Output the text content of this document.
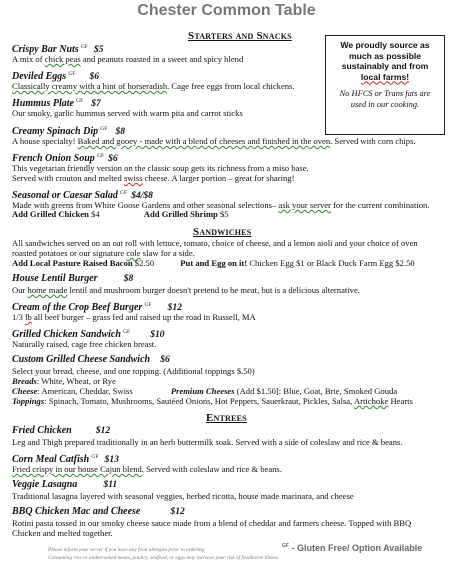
Chester Common Table
Starters and Snacks
Crispy Bar Nuts $^{GF}$ $5
A mix of chick peas and peanuts roasted in a sweet and spicy blend
Deviled Eggs $^{GF}$ $6
Classically creamy with a hint of horseradish. Cage free eggs from local chickens.
Hummus Plate $^{GF}$ $7
Our smoky, garlic hummus served with warm pita and carrot sticks
Creamy Spinach Dip $^{GF}$ $8
A house specialty! Baked and gooey - made with a blend of cheeses and finished in the oven. Served with corn chips.
French Onion Soup $^{GF}$ $6
This vegetarian friendly version on the classic soup gets its richness from a miso base.
Served with crouton and melted swiss cheese. A larger portion – great for sharing!
Seasonal or Caesar Salad $^{GF}$ $4/$8
Made with greens from White Goose Gardens and other seasonal selections– ask your server for the current combination.
Add Grilled Chicken $4	Add Grilled Shrimp $5
We proudly source as
much as possible
sustainably and from
local farms!
No HFCS or Trans fats are
used in our cooking.
Sandwiches
All sandwiches served on an oat roll with lettuce, tomato, choice of cheese, and a lemon aioli and your choice of oven
roasted potatoes or our signature cole slaw for a side.
Add Local Pasture Raised Bacon $2.50	Put and Egg on it! Chicken Egg $1 or Black Duck Farm Egg $2.50
House Lentil Burger	$8
Our home made lentil and mushroom burger doesn't pretend to be meat, but is a delicious alternative.
Cream of the Crop Beef Burger $^{GF}$ $12
1/3 lb all beef burger – grass fed and raised up the road in Russell, MA
Grilled Chicken Sandwich $^{GF}$ $10
Naturally raised, cage free chicken breast.
Custom Grilled Cheese Sandwich $6
Select your bread, cheese, and one topping. (Additional toppings $.50)
Breads: White, Wheat, or Rye
Cheese: American, Cheddar, Swiss	Premium Cheeses (Add $1.50]: Blue, Goat, Brie, Smoked Gouda
Toppings: Spinach, Tomato, Mushrooms, Sautéed Onions, Hot Peppers, Sauerkraut, Pickles, Salsa, Artichoke Hearts
Entrees
Fried Chicken	$12
Leg and Thigh prepared traditionally in an herb buttermilk soak. Served with a side of coleslaw and rice & beans.
Corn Meal Catfish $^{GF}$ $13
Fried crispy in our house Cajun blend. Served with coleslaw and rice & beans.
Veggie Lasagna	$11
Traditional lasagna layered with seasonal veggies, herbed ricotta, house made marinara, and cheese
BBQ Chicken Mac and Cheese	$12
Rotini pasta tossed in our smoky cheese sauce made from a blend of cheddar and farmers cheese. Topped with BBQ
Chicken and melted together.
Please inform your server if you have any food allergies prior to ordering
Consuming raw or undercooked meats, poultry, seafood, or eggs may increase your risk of foodborne illness
$^{GF}$ - Gluten Free/ Option Available
